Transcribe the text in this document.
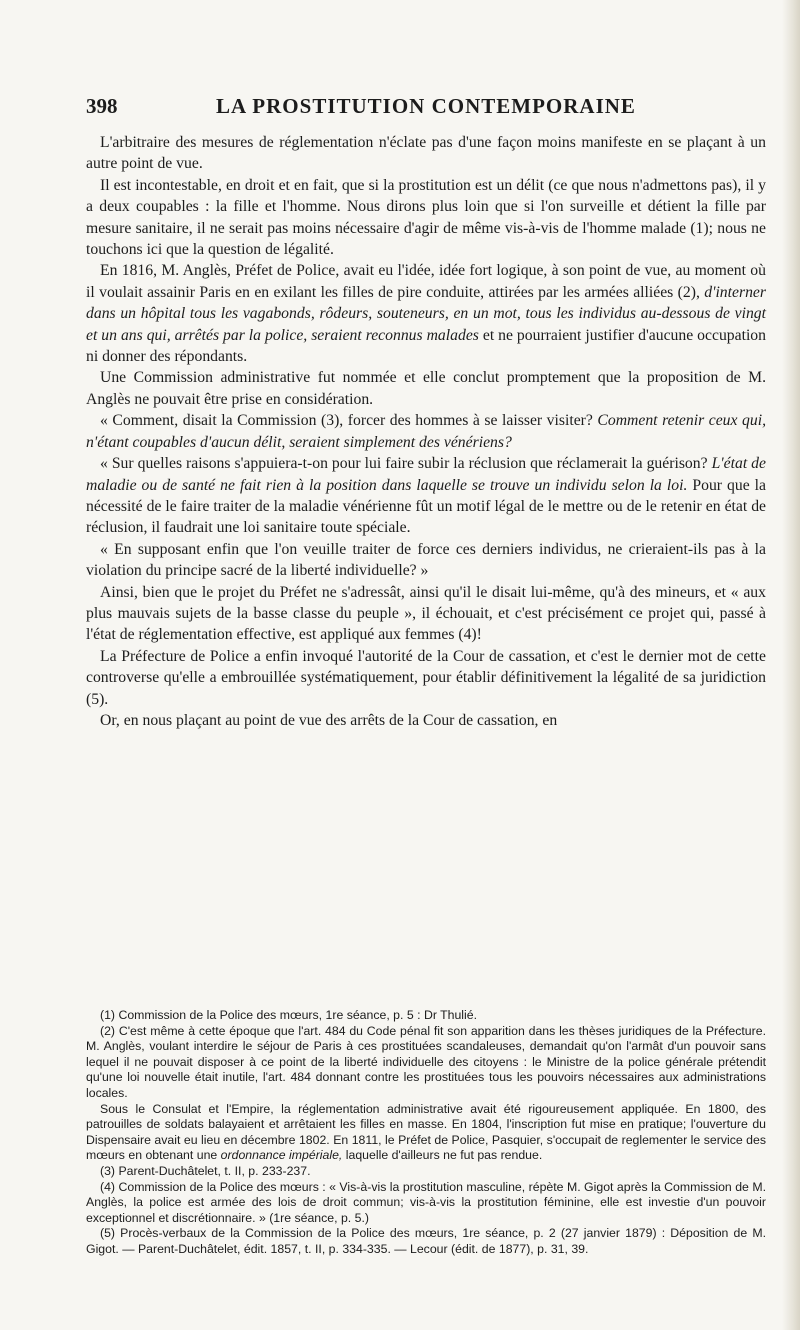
398	LA PROSTITUTION CONTEMPORAINE

L'arbitraire des mesures de réglementation n'éclate pas d'une façon moins manifeste en se plaçant à un autre point de vue.

Il est incontestable, en droit et en fait, que si la prostitution est un délit (ce que nous n'admettons pas), il y a deux coupables : la fille et l'homme. Nous dirons plus loin que si l'on surveille et détient la fille par mesure sanitaire, il ne serait pas moins nécessaire d'agir de même vis-à-vis de l'homme malade (1); nous ne touchons ici que la question de légalité.

En 1816, M. Anglès, Préfet de Police, avait eu l'idée, idée fort logique, à son point de vue, au moment où il voulait assainir Paris en en exilant les filles de pire conduite, attirées par les armées alliées (2), d'interner dans un hôpital tous les vagabonds, rôdeurs, souteneurs, en un mot, tous les individus au-dessous de vingt et un ans qui, arrêtés par la police, seraient reconnus malades et ne pourraient justifier d'aucune occupation ni donner des répondants.

Une Commission administrative fut nommée et elle conclut promptement que la proposition de M. Anglès ne pouvait être prise en considération.

« Comment, disait la Commission (3), forcer des hommes à se laisser visiter? Comment retenir ceux qui, n'étant coupables d'aucun délit, seraient simplement des vénériens?

« Sur quelles raisons s'appuiera-t-on pour lui faire subir la réclusion que réclamerait la guérison? L'état de maladie ou de santé ne fait rien à la position dans laquelle se trouve un individu selon la loi. Pour que la nécessité de le faire traiter de la maladie vénérienne fût un motif légal de le mettre ou de le retenir en état de réclusion, il faudrait une loi sanitaire toute spéciale.

« En supposant enfin que l'on veuille traiter de force ces derniers individus, ne crieraient-ils pas à la violation du principe sacré de la liberté individuelle? »

Ainsi, bien que le projet du Préfet ne s'adressât, ainsi qu'il le disait lui-même, qu'à des mineurs, et « aux plus mauvais sujets de la basse classe du peuple », il échouait, et c'est précisément ce projet qui, passé à l'état de réglementation effective, est appliqué aux femmes (4)!

La Préfecture de Police a enfin invoqué l'autorité de la Cour de cassation, et c'est le dernier mot de cette controverse qu'elle a embrouillée systématiquement, pour établir définitivement la légalité de sa juridiction (5).

Or, en nous plaçant au point de vue des arrêts de la Cour de cassation, en

(1) Commission de la Police des mœurs, 1re séance, p. 5 : Dr Thulié.

(2) C'est même à cette époque que l'art. 484 du Code pénal fit son apparition dans les thèses juridiques de la Préfecture. M. Anglès, voulant interdire le séjour de Paris à ces prostituées scandaleuses, demandait qu'on l'armât d'un pouvoir sans lequel il ne pouvait disposer à ce point de la liberté individuelle des citoyens : le Ministre de la police générale prétendit qu'une loi nouvelle était inutile, l'art. 484 donnant contre les prostituées tous les pouvoirs nécessaires aux administrations locales.

Sous le Consulat et l'Empire, la réglementation administrative avait été rigoureusement appliquée. En 1800, des patrouilles de soldats balayaient et arrêtaient les filles en masse. En 1804, l'inscription fut mise en pratique; l'ouverture du Dispensaire avait eu lieu en décembre 1802. En 1811, le Préfet de Police, Pasquier, s'occupait de reglementer le service des mœurs en obtenant une ordonnance impériale, laquelle d'ailleurs ne fut pas rendue.

(3) Parent-Duchâtelet, t. II, p. 233-237.

(4) Commission de la Police des mœurs : « Vis-à-vis la prostitution masculine, répète M. Gigot après la Commission de M. Anglès, la police est armée des lois de droit commun; vis-à-vis la prostitution féminine, elle est investie d'un pouvoir exceptionnel et discrétionnaire. » (1re séance, p. 5.)

(5) Procès-verbaux de la Commission de la Police des mœurs, 1re séance, p. 2 (27 janvier 1879) : Déposition de M. Gigot. — Parent-Duchâtelet, édit. 1857, t. II, p. 334-335. — Lecour (édit. de 1877), p. 31, 39.
